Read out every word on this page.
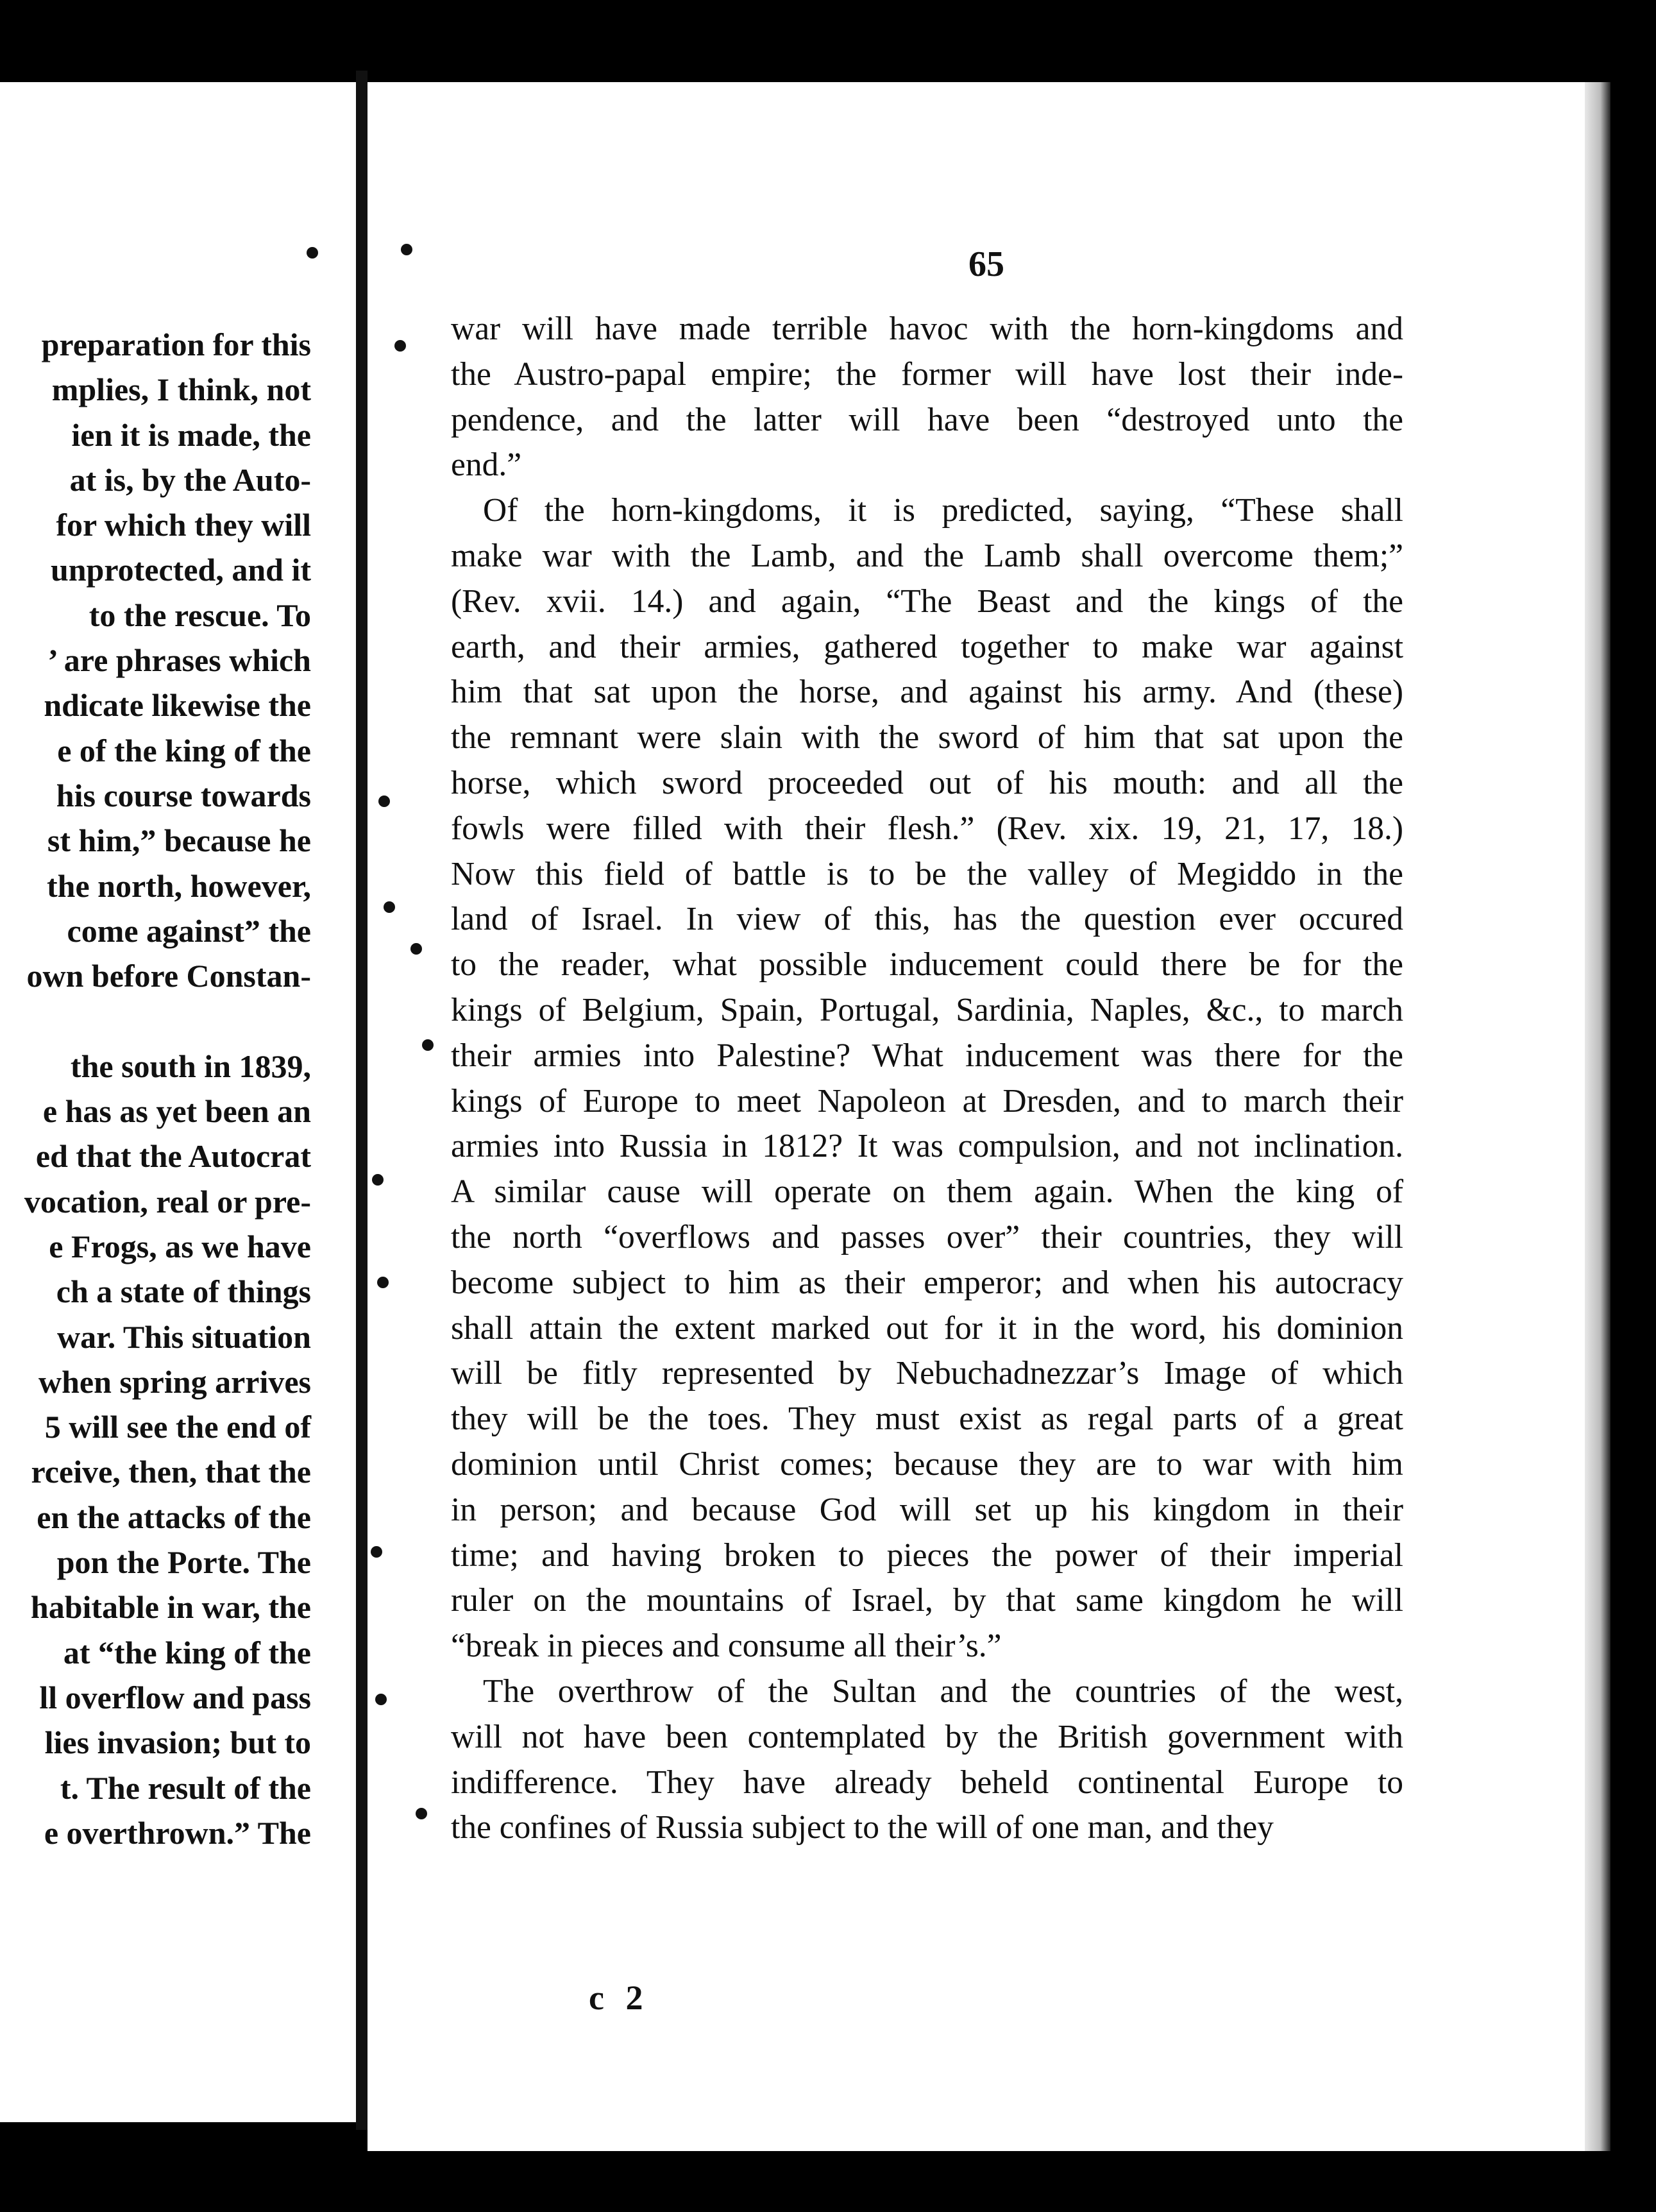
preparation for this
mplies, I think, not
ien it is made, the
at is, by the Auto-
for which they will
unprotected, and it
to the rescue. To
’ are phrases which
ndicate likewise the
e of the king of the
his course towards
st him,” because he
the north, however,
come against” the
own before Constan-

the south in 1839,
e has as yet been an
ed that the Autocrat
vocation, real or pre-
e Frogs, as we have
ch a state of things
war. This situation
when spring arrives
5 will see the end of
rceive, then, that the
en the attacks of the
pon the Porte. The
habitable in war, the
at “the king of the
ll overflow and pass
lies invasion; but to
t. The result of the
e overthrown.” The
65

war will have made terrible havoc with the horn-kingdoms and
the Austro-papal empire; the former will have lost their inde-
pendence, and the latter will have been “destroyed unto the
end.”

Of the horn-kingdoms, it is predicted, saying, “These shall
make war with the Lamb, and the Lamb shall overcome them;”
(Rev. xvii. 14.) and again, “The Beast and the kings of the
earth, and their armies, gathered together to make war against
him that sat upon the horse, and against his army. And (these)
the remnant were slain with the sword of him that sat upon the
horse, which sword proceeded out of his mouth: and all the
fowls were filled with their flesh.” (Rev. xix. 19, 21, 17, 18.)
Now this field of battle is to be the valley of Megiddo in the
land of Israel. In view of this, has the question ever occured
to the reader, what possible inducement could there be for the
kings of Belgium, Spain, Portugal, Sardinia, Naples, &c., to march
their armies into Palestine? What inducement was there for the
kings of Europe to meet Napoleon at Dresden, and to march their
armies into Russia in 1812? It was compulsion, and not inclination.
A similar cause will operate on them again. When the king of
the north “overflows and passes over” their countries, they will
become subject to him as their emperor; and when his autocracy
shall attain the extent marked out for it in the word, his dominion
will be fitly represented by Nebuchadnezzar’s Image of which
they will be the toes. They must exist as regal parts of a great
dominion until Christ comes; because they are to war with him
in person; and because God will set up his kingdom in their
time; and having broken to pieces the power of their imperial
ruler on the mountains of Israel, by that same kingdom he will
“break in pieces and consume all their’s.”

The overthrow of the Sultan and the countries of the west,
will not have been contemplated by the British government with
indifference. They have already beheld continental Europe to
the confines of Russia subject to the will of one man, and they

c 2
